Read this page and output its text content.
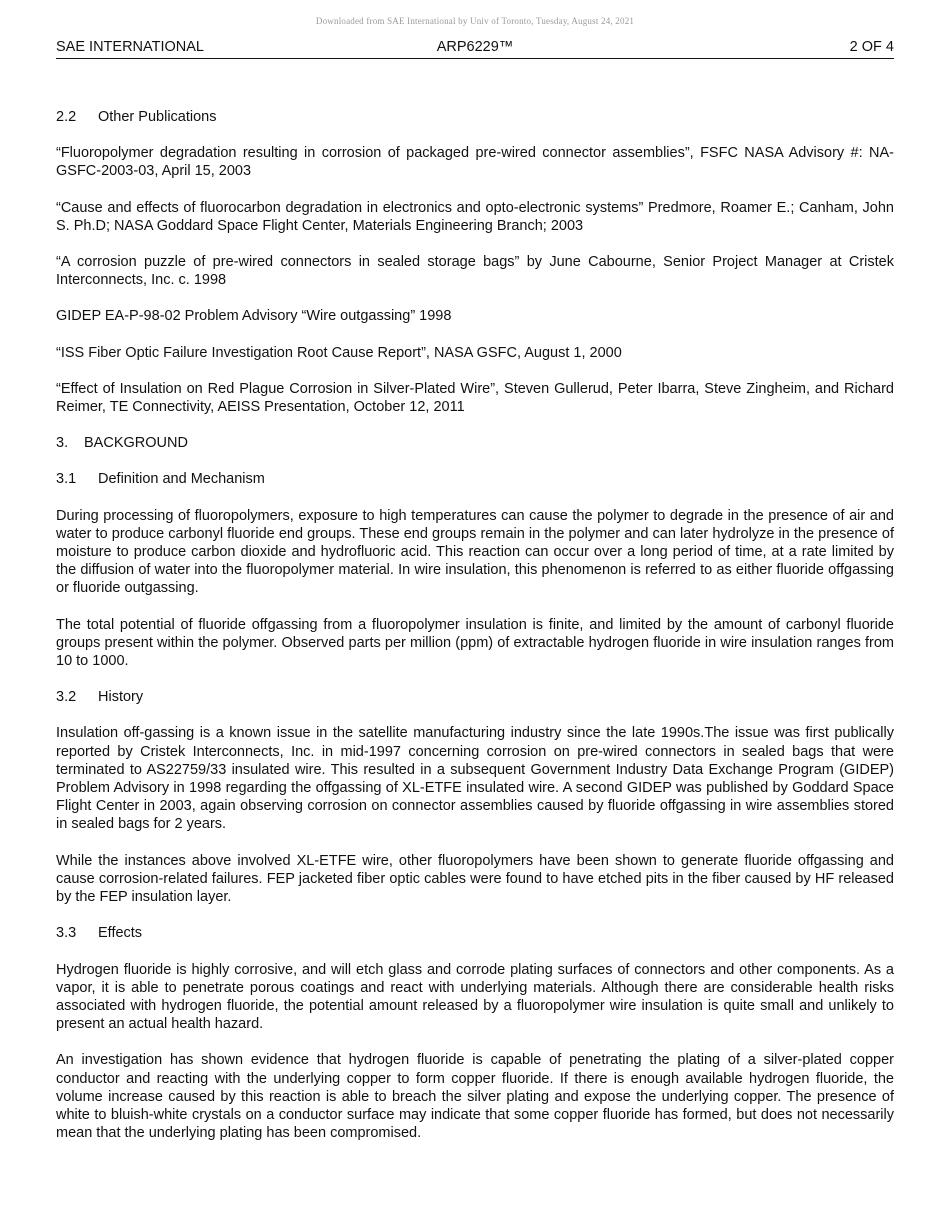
Downloaded from SAE International by Univ of Toronto, Tuesday, August 24, 2021
SAE INTERNATIONAL	ARP6229™	2 OF 4
2.2 Other Publications

“Fluoropolymer degradation resulting in corrosion of packaged pre-wired connector assemblies”, FSFC NASA Advisory #: NA-GSFC-2003-03, April 15, 2003

“Cause and effects of fluorocarbon degradation in electronics and opto-electronic systems” Predmore, Roamer E.; Canham, John S. Ph.D; NASA Goddard Space Flight Center, Materials Engineering Branch; 2003

“A corrosion puzzle of pre-wired connectors in sealed storage bags” by June Cabourne, Senior Project Manager at Cristek Interconnects, Inc. c. 1998

GIDEP EA-P-98-02 Problem Advisory “Wire outgassing” 1998

“ISS Fiber Optic Failure Investigation Root Cause Report”, NASA GSFC, August 1, 2000

“Effect of Insulation on Red Plague Corrosion in Silver-Plated Wire”, Steven Gullerud, Peter Ibarra, Steve Zingheim, and Richard Reimer, TE Connectivity, AEISS Presentation, October 12, 2011

3. BACKGROUND
3.1 Definition and Mechanism

During processing of fluoropolymers, exposure to high temperatures can cause the polymer to degrade in the presence of air and water to produce carbonyl fluoride end groups. These end groups remain in the polymer and can later hydrolyze in the presence of moisture to produce carbon dioxide and hydrofluoric acid. This reaction can occur over a long period of time, at a rate limited by the diffusion of water into the fluoropolymer material. In wire insulation, this phenomenon is referred to as either fluoride offgassing or fluoride outgassing.

The total potential of fluoride offgassing from a fluoropolymer insulation is finite, and limited by the amount of carbonyl fluoride groups present within the polymer. Observed parts per million (ppm) of extractable hydrogen fluoride in wire insulation ranges from 10 to 1000.

3.2 History

Insulation off-gassing is a known issue in the satellite manufacturing industry since the late 1990s.The issue was first publically reported by Cristek Interconnects, Inc. in mid-1997 concerning corrosion on pre-wired connectors in sealed bags that were terminated to AS22759/33 insulated wire. This resulted in a subsequent Government Industry Data Exchange Program (GIDEP) Problem Advisory in 1998 regarding the offgassing of XL-ETFE insulated wire. A second GIDEP was published by Goddard Space Flight Center in 2003, again observing corrosion on connector assemblies caused by fluoride offgassing in wire assemblies stored in sealed bags for 2 years.

While the instances above involved XL-ETFE wire, other fluoropolymers have been shown to generate fluoride offgassing and cause corrosion-related failures. FEP jacketed fiber optic cables were found to have etched pits in the fiber caused by HF released by the FEP insulation layer.

3.3 Effects

Hydrogen fluoride is highly corrosive, and will etch glass and corrode plating surfaces of connectors and other components. As a vapor, it is able to penetrate porous coatings and react with underlying materials. Although there are considerable health risks associated with hydrogen fluoride, the potential amount released by a fluoropolymer wire insulation is quite small and unlikely to present an actual health hazard.

An investigation has shown evidence that hydrogen fluoride is capable of penetrating the plating of a silver-plated copper conductor and reacting with the underlying copper to form copper fluoride. If there is enough available hydrogen fluoride, the volume increase caused by this reaction is able to breach the silver plating and expose the underlying copper. The presence of white to bluish-white crystals on a conductor surface may indicate that some copper fluoride has formed, but does not necessarily mean that the underlying plating has been compromised.
